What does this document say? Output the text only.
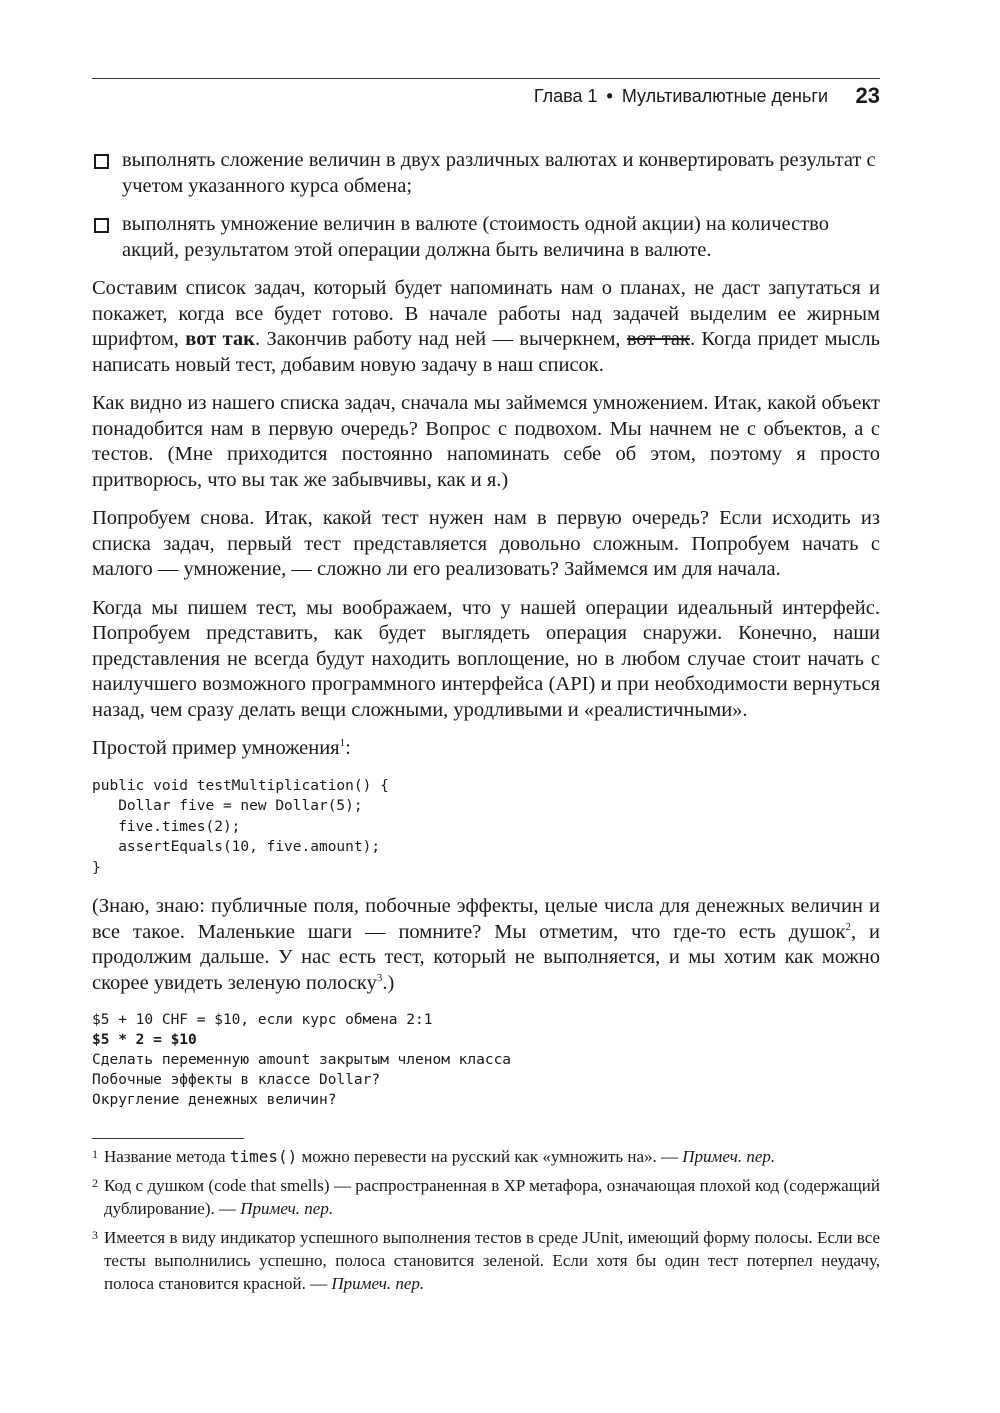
Глава 1 • Мультивалютные деньги 23
выполнять сложение величин в двух различных валютах и конвертировать результат с учетом указанного курса обмена;
выполнять умножение величин в валюте (стоимость одной акции) на количество акций, результатом этой операции должна быть величина в валюте.

Составим список задач, который будет напоминать нам о планах, не даст запутаться и покажет, когда все будет готово. В начале работы над задачей выделим ее жирным шрифтом, вот так. Закончив работу над ней — вычеркнем, вот так. Когда придет мысль написать новый тест, добавим новую задачу в наш список.

Как видно из нашего списка задач, сначала мы займемся умножением. Итак, какой объект понадобится нам в первую очередь? Вопрос с подвохом. Мы начнем не с объектов, а с тестов. (Мне приходится постоянно напоминать себе об этом, поэтому я просто притворюсь, что вы так же забывчивы, как и я.)

Попробуем снова. Итак, какой тест нужен нам в первую очередь? Если исходить из списка задач, первый тест представляется довольно сложным. Попробуем начать с малого — умножение, — сложно ли его реализовать? Займемся им для начала.

Когда мы пишем тест, мы воображаем, что у нашей операции идеальный интерфейс. Попробуем представить, как будет выглядеть операция снаружи. Конечно, наши представления не всегда будут находить воплощение, но в любом случае стоит начать с наилучшего возможного программного интерфейса (API) и при необходимости вернуться назад, чем сразу делать вещи сложными, уродливыми и «реалистичными».

Простой пример умножения$^1$:

public void testMultiplication() {
Dollar five = new Dollar(5);
five.times(2);
assertEquals(10, five.amount);
}

(Знаю, знаю: публичные поля, побочные эффекты, целые числа для денежных величин и все такое. Маленькие шаги — помните? Мы отметим, что где-то есть душок$^2$, и продолжим дальше. У нас есть тест, который не выполняется, и мы хотим как можно скорее увидеть зеленую полоску$^3$.)

$5 + 10 CHF = $10, если курс обмена 2:1
$5 * 2 = $10
Сделать переменную amount закрытым членом класса
Побочные эффекты в классе Dollar?
Округление денежных величин?
1 Название метода times() можно перевести на русский как «умножить на». — Примеч. пер.
2 Код с душком (code that smells) — распространенная в XP метафора, означающая плохой код (содержащий дублирование). — Примеч. пер.
3 Имеется в виду индикатор успешного выполнения тестов в среде JUnit, имеющий форму полосы. Если все тесты выполнились успешно, полоса становится зеленой. Если хотя бы один тест потерпел неудачу, полоса становится красной. — Примеч. пер.
